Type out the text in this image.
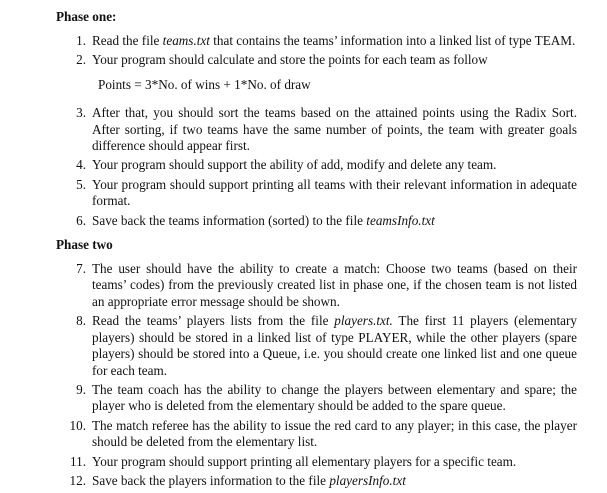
Phase one:

1. Read the file teams.txt that contains the teams’ information into a linked list of type TEAM.
2. Your program should calculate and store the points for each team as follow
Points = 3*No. of wins + 1*No. of draw
3. After that, you should sort the teams based on the attained points using the Radix Sort. After sorting, if two teams have the same number of points, the team with greater goals difference should appear first.
4. Your program should support the ability of add, modify and delete any team.
5. Your program should support printing all teams with their relevant information in adequate format.
6. Save back the teams information (sorted) to the file teamsInfo.txt

Phase two

7. The user should have the ability to create a match: Choose two teams (based on their teams’ codes) from the previously created list in phase one, if the chosen team is not listed an appropriate error message should be shown.
8. Read the teams’ players lists from the file players.txt. The first 11 players (elementary players) should be stored in a linked list of type PLAYER, while the other players (spare players) should be stored into a Queue, i.e. you should create one linked list and one queue for each team.
9. The team coach has the ability to change the players between elementary and spare; the player who is deleted from the elementary should be added to the spare queue.
10. The match referee has the ability to issue the red card to any player; in this case, the player should be deleted from the elementary list.
11. Your program should support printing all elementary players for a specific team.
12. Save back the players information to the file playersInfo.txt
